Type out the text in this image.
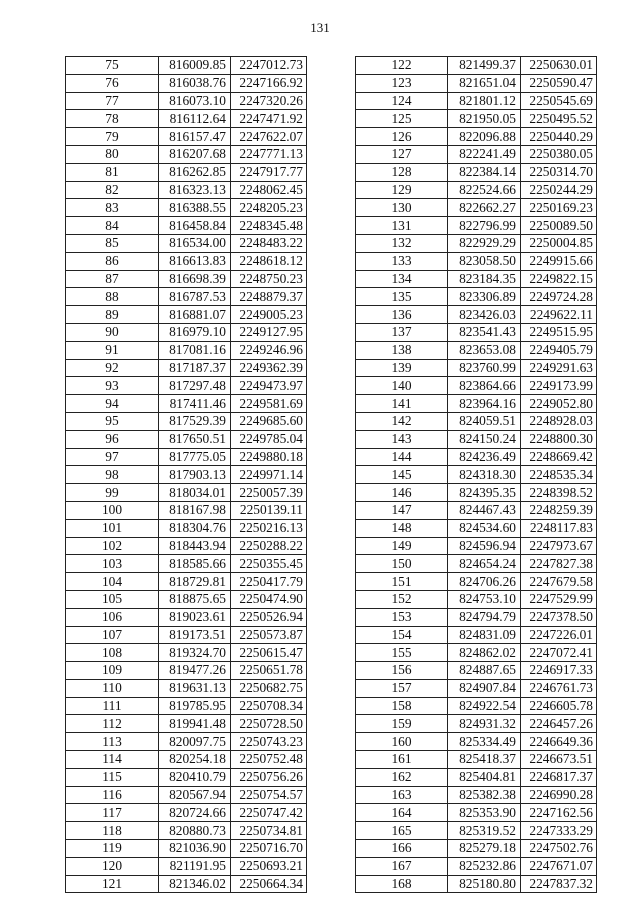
131
75	816009.85	2247012.73
76	816038.76	2247166.92
77	816073.10	2247320.26
78	816112.64	2247471.92
79	816157.47	2247622.07
80	816207.68	2247771.13
81	816262.85	2247917.77
82	816323.13	2248062.45
83	816388.55	2248205.23
84	816458.84	2248345.48
85	816534.00	2248483.22
86	816613.83	2248618.12
87	816698.39	2248750.23
88	816787.53	2248879.37
89	816881.07	2249005.23
90	816979.10	2249127.95
91	817081.16	2249246.96
92	817187.37	2249362.39
93	817297.48	2249473.97
94	817411.46	2249581.69
95	817529.39	2249685.60
96	817650.51	2249785.04
97	817775.05	2249880.18
98	817903.13	2249971.14
99	818034.01	2250057.39
100	818167.98	2250139.11
101	818304.76	2250216.13
102	818443.94	2250288.22
103	818585.66	2250355.45
104	818729.81	2250417.79
105	818875.65	2250474.90
106	819023.61	2250526.94
107	819173.51	2250573.87
108	819324.70	2250615.47
109	819477.26	2250651.78
110	819631.13	2250682.75
111	819785.95	2250708.34
112	819941.48	2250728.50
113	820097.75	2250743.23
114	820254.18	2250752.48
115	820410.79	2250756.26
116	820567.94	2250754.57
117	820724.66	2250747.42
118	820880.73	2250734.81
119	821036.90	2250716.70
120	821191.95	2250693.21
121	821346.02	2250664.34
122	821499.37	2250630.01
123	821651.04	2250590.47
124	821801.12	2250545.69
125	821950.05	2250495.52
126	822096.88	2250440.29
127	822241.49	2250380.05
128	822384.14	2250314.70
129	822524.66	2250244.29
130	822662.27	2250169.23
131	822796.99	2250089.50
132	822929.29	2250004.85
133	823058.50	2249915.66
134	823184.35	2249822.15
135	823306.89	2249724.28
136	823426.03	2249622.11
137	823541.43	2249515.95
138	823653.08	2249405.79
139	823760.99	2249291.63
140	823864.66	2249173.99
141	823964.16	2249052.80
142	824059.51	2248928.03
143	824150.24	2248800.30
144	824236.49	2248669.42
145	824318.30	2248535.34
146	824395.35	2248398.52
147	824467.43	2248259.39
148	824534.60	2248117.83
149	824596.94	2247973.67
150	824654.24	2247827.38
151	824706.26	2247679.58
152	824753.10	2247529.99
153	824794.79	2247378.50
154	824831.09	2247226.01
155	824862.02	2247072.41
156	824887.65	2246917.33
157	824907.84	2246761.73
158	824922.54	2246605.78
159	824931.32	2246457.26
160	825334.49	2246649.36
161	825418.37	2246673.51
162	825404.81	2246817.37
163	825382.38	2246990.28
164	825353.90	2247162.56
165	825319.52	2247333.29
166	825279.18	2247502.76
167	825232.86	2247671.07
168	825180.80	2247837.32
